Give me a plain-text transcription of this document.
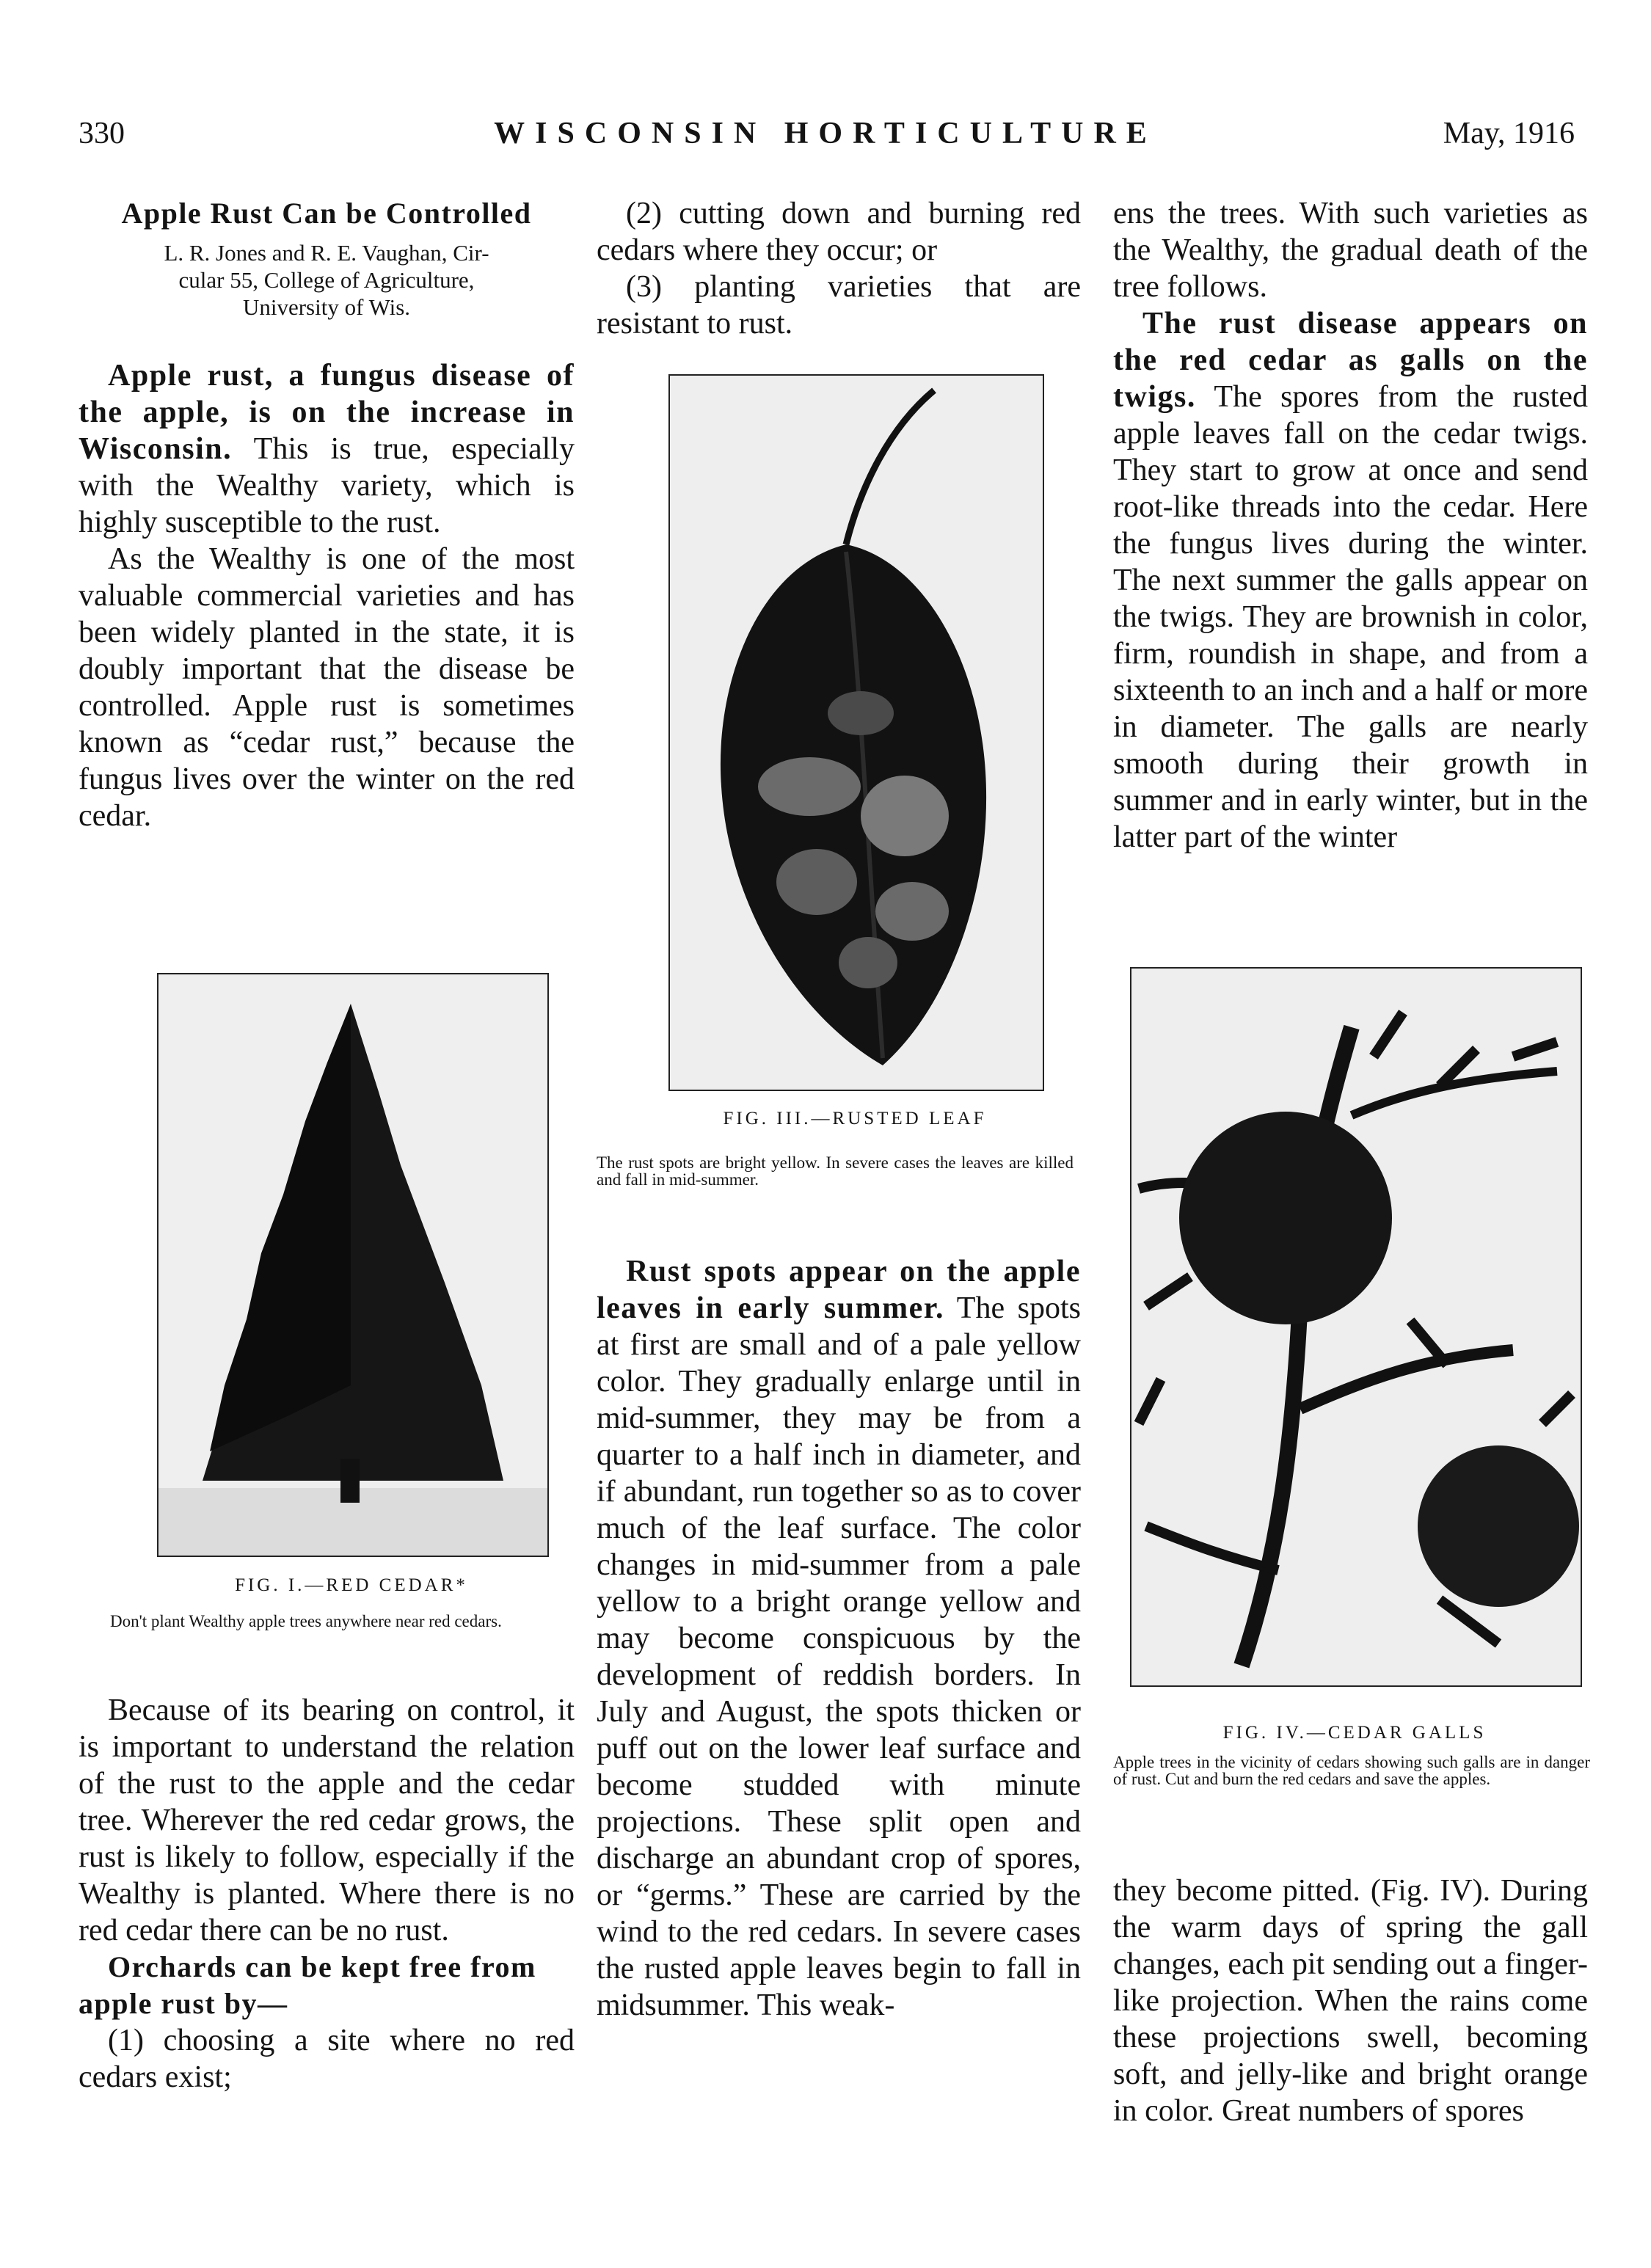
330	WISCONSIN HORTICULTURE	May, 1916

Apple Rust Can be Controlled

L. R. Jones and R. E. Vaughan, Cir-
cular 55, College of Agriculture,
University of Wis.

Apple rust, a fungus disease of the apple, is on the increase in Wisconsin. This is true, especially with the Wealthy variety, which is highly susceptible to the rust.

As the Wealthy is one of the most valuable commercial varieties and has been widely planted in the state, it is doubly important that the disease be controlled. Apple rust is sometimes known as “cedar rust,” because the fungus lives over the winter on the red cedar.

FIG. I.—RED CEDAR*
Don't plant Wealthy apple trees anywhere near red cedars.

Because of its bearing on control, it is important to understand the relation of the rust to the apple and the cedar tree. Wherever the red cedar grows, the rust is likely to follow, especially if the Wealthy is planted. Where there is no red cedar there can be no rust.

Orchards can be kept free from apple rust by—

(1) choosing a site where no red cedars exist;

(2) cutting down and burning red cedars where they occur; or

(3) planting varieties that are resistant to rust.

FIG. III.—RUSTED LEAF
The rust spots are bright yellow. In severe cases the leaves are killed and fall in mid-summer.

Rust spots appear on the apple leaves in early summer. The spots at first are small and of a pale yellow color. They gradually enlarge until in mid-summer, they may be from a quarter to a half inch in diameter, and if abundant, run together so as to cover much of the leaf surface. The color changes in mid-summer from a pale yellow to a bright orange yellow and may become conspicuous by the development of reddish borders. In July and August, the spots thicken or puff out on the lower leaf surface and become studded with minute projections. These split open and discharge an abundant crop of spores, or “germs.” These are carried by the wind to the red cedars. In severe cases the rusted apple leaves begin to fall in midsummer. This weak-

ens the trees. With such varieties as the Wealthy, the gradual death of the tree follows.

The rust disease appears on the red cedar as galls on the twigs. The spores from the rusted apple leaves fall on the cedar twigs. They start to grow at once and send root-like threads into the cedar. Here the fungus lives during the winter. The next summer the galls appear on the twigs. They are brownish in color, firm, roundish in shape, and from a sixteenth to an inch and a half or more in diameter. The galls are nearly smooth during their growth in summer and in early winter, but in the latter part of the winter

FIG. IV.—CEDAR GALLS
Apple trees in the vicinity of cedars showing such galls are in danger of rust. Cut and burn the red cedars and save the apples.

they become pitted. (Fig. IV). During the warm days of spring the gall changes, each pit sending out a finger-like projection. When the rains come these projections swell, becoming soft, and jelly-like and bright orange in color. Great numbers of spores
